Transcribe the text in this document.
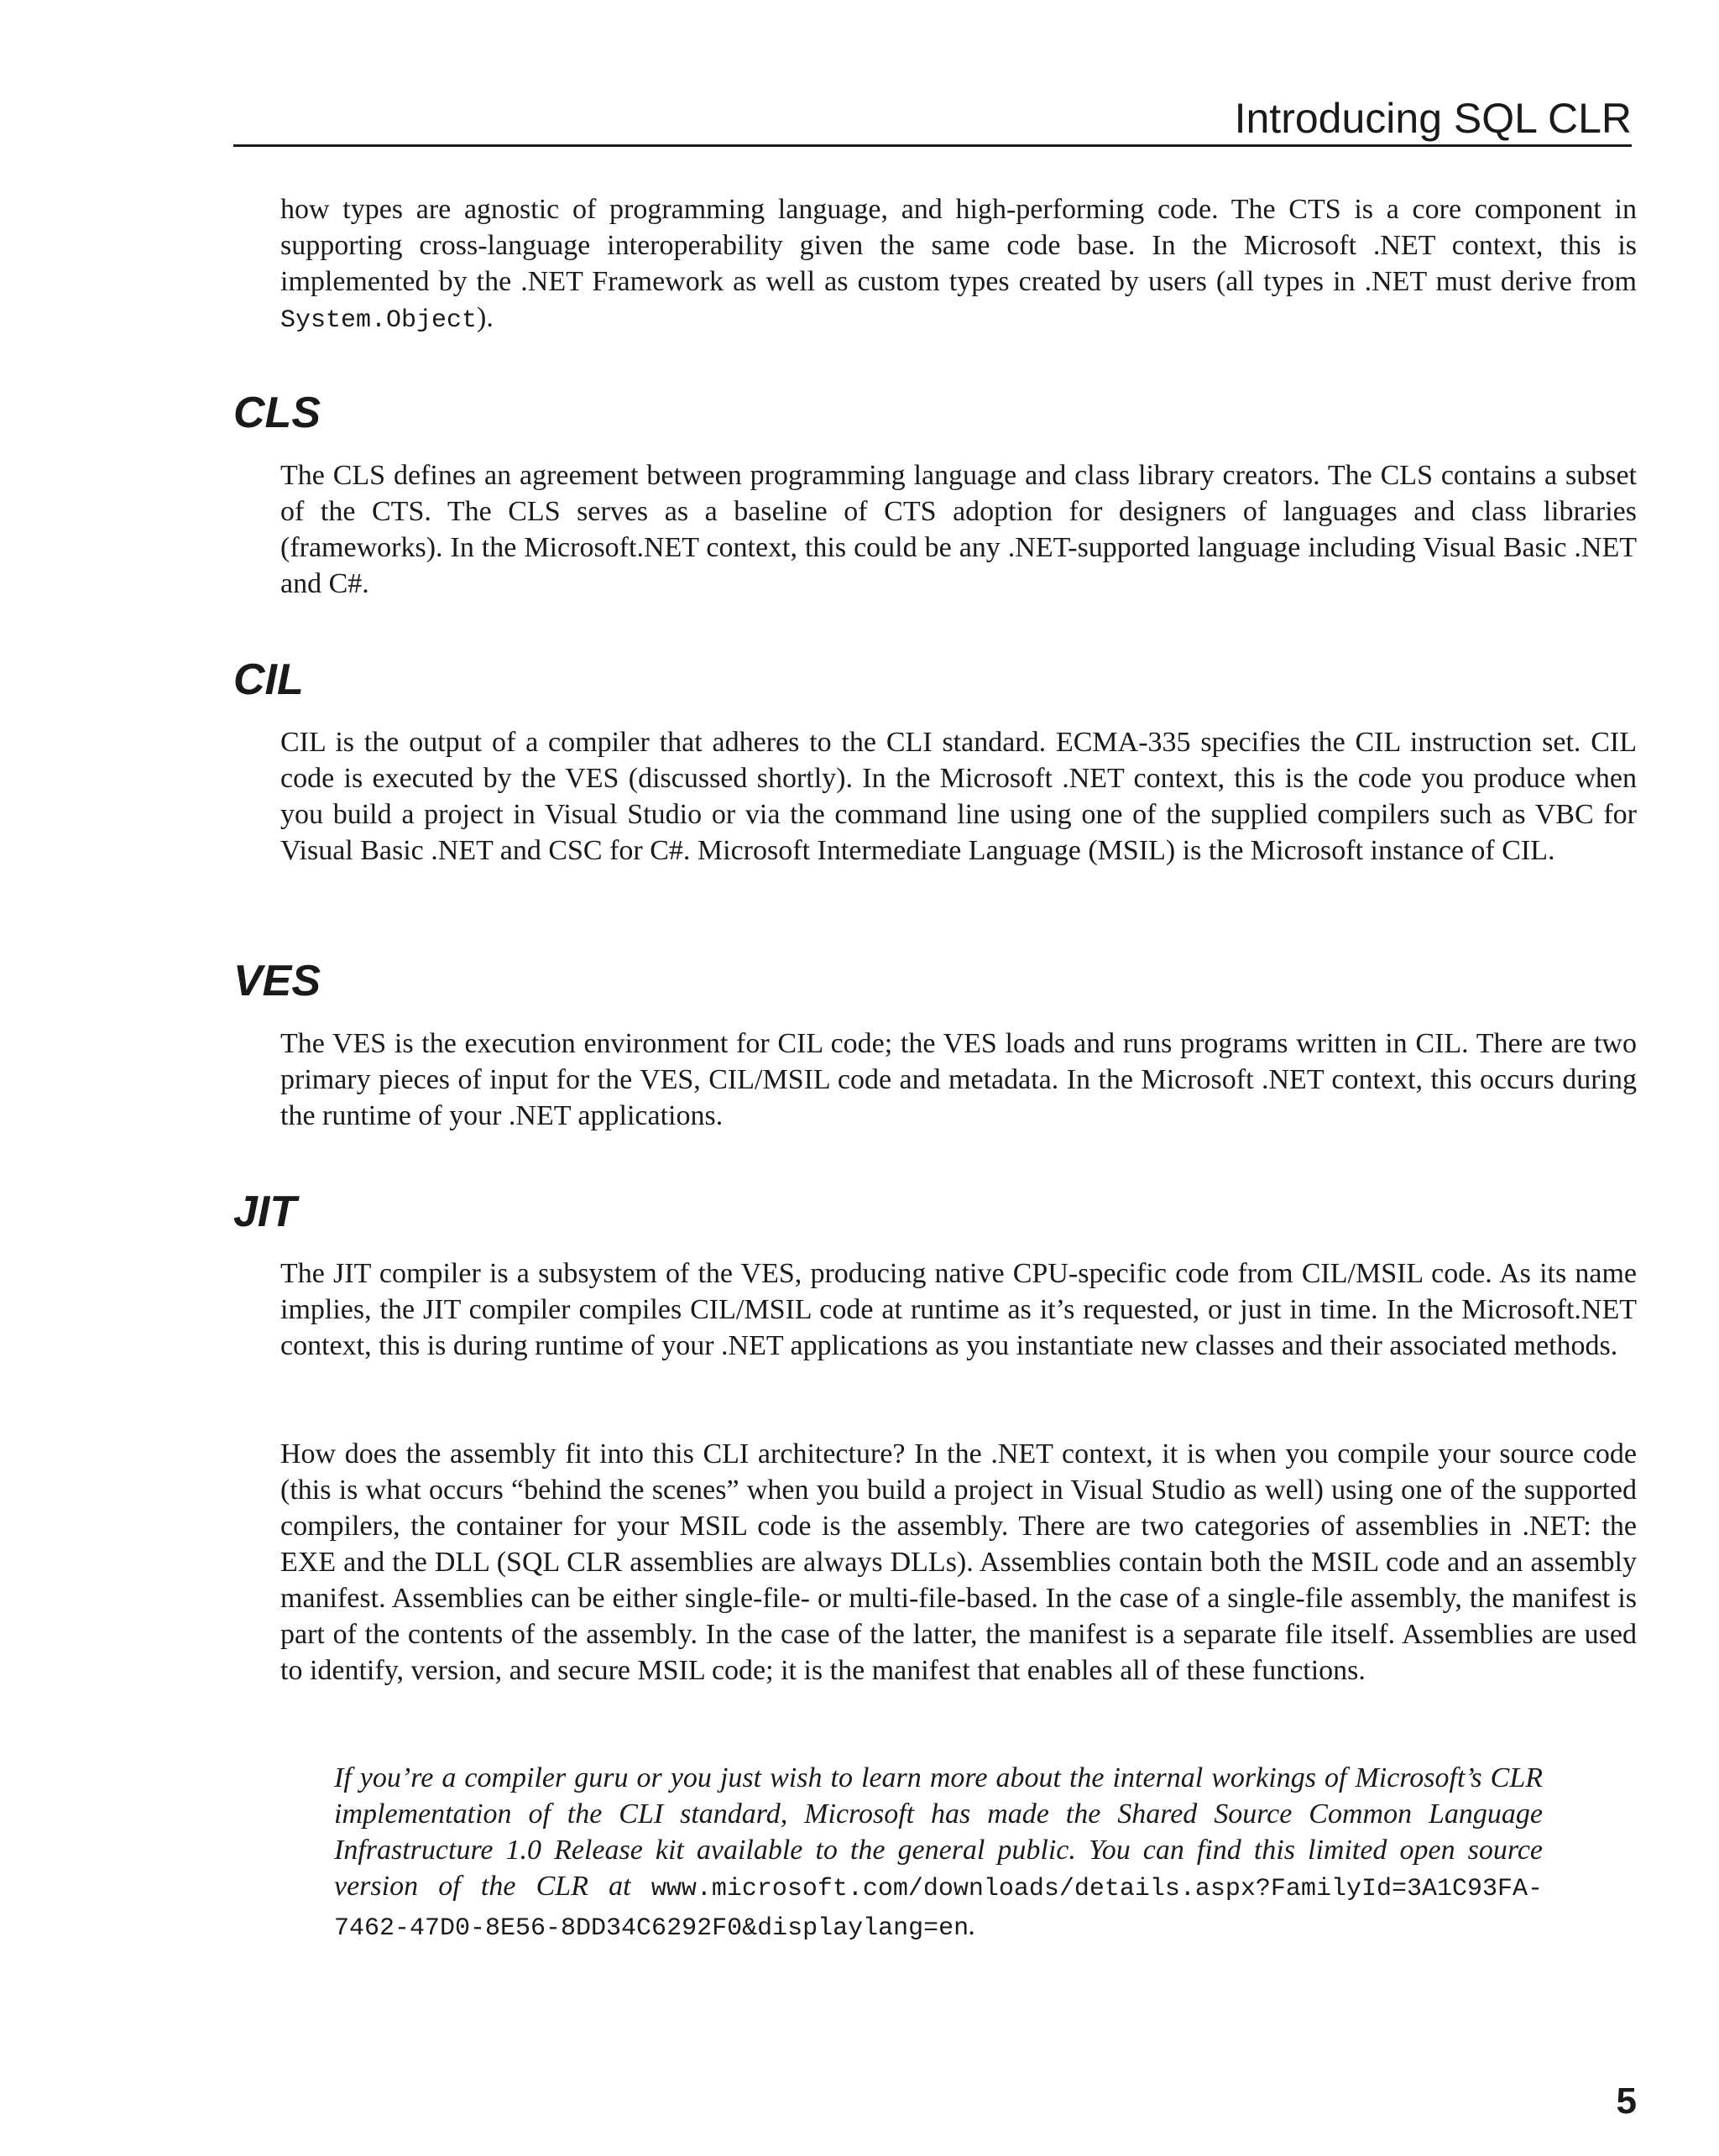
Introducing SQL CLR

how types are agnostic of programming language, and high-performing code. The CTS is a core component in supporting cross-language interoperability given the same code base. In the Microsoft .NET context, this is implemented by the .NET Framework as well as custom types created by users (all types in .NET must derive from System.Object).

CLS

The CLS defines an agreement between programming language and class library creators. The CLS contains a subset of the CTS. The CLS serves as a baseline of CTS adoption for designers of languages and class libraries (frameworks). In the Microsoft.NET context, this could be any .NET-supported language including Visual Basic .NET and C#.

CIL

CIL is the output of a compiler that adheres to the CLI standard. ECMA-335 specifies the CIL instruction set. CIL code is executed by the VES (discussed shortly). In the Microsoft .NET context, this is the code you produce when you build a project in Visual Studio or via the command line using one of the supplied compilers such as VBC for Visual Basic .NET and CSC for C#. Microsoft Intermediate Language (MSIL) is the Microsoft instance of CIL.

VES

The VES is the execution environment for CIL code; the VES loads and runs programs written in CIL. There are two primary pieces of input for the VES, CIL/MSIL code and metadata. In the Microsoft .NET context, this occurs during the runtime of your .NET applications.

JIT

The JIT compiler is a subsystem of the VES, producing native CPU-specific code from CIL/MSIL code. As its name implies, the JIT compiler compiles CIL/MSIL code at runtime as it’s requested, or just in time. In the Microsoft.NET context, this is during runtime of your .NET applications as you instantiate new classes and their associated methods.

How does the assembly fit into this CLI architecture? In the .NET context, it is when you compile your source code (this is what occurs “behind the scenes” when you build a project in Visual Studio as well) using one of the supported compilers, the container for your MSIL code is the assembly. There are two categories of assemblies in .NET: the EXE and the DLL (SQL CLR assemblies are always DLLs). Assemblies contain both the MSIL code and an assembly manifest. Assemblies can be either single-file- or multi-file-based. In the case of a single-file assembly, the manifest is part of the contents of the assembly. In the case of the latter, the manifest is a separate file itself. Assemblies are used to identify, version, and secure MSIL code; it is the manifest that enables all of these functions.

If you’re a compiler guru or you just wish to learn more about the internal workings of Microsoft’s CLR implementation of the CLI standard, Microsoft has made the Shared Source Common Language Infrastructure 1.0 Release kit available to the general public. You can find this limited open source version of the CLR at www.microsoft.com/downloads/details.aspx?FamilyId=3A1C93FA-7462-47D0-8E56-8DD34C6292F0&displaylang=en.

5
